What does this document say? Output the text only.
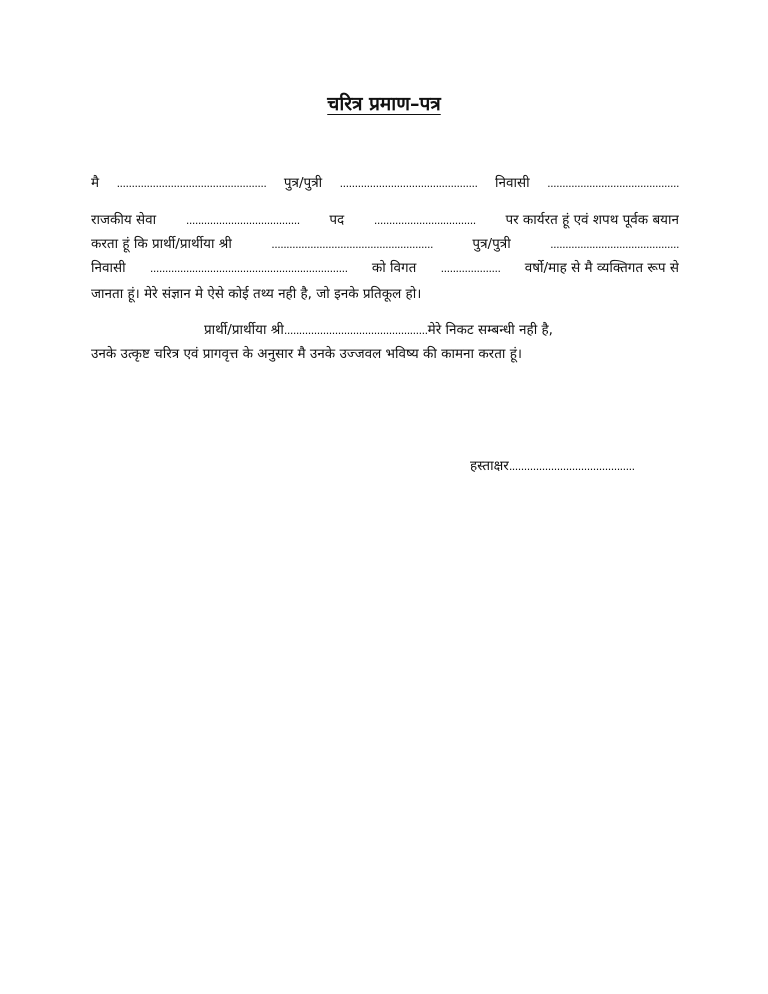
चरित्र प्रमाण–पत्र
मै .................................................. पुत्र/पुत्री .............................................. निवासी ............................................
राजकीय सेवा	...................................... पद	.................................. पर कार्यरत हूं एवं शपथ पूर्वक बयान
करता हूं कि प्रार्थी/प्रार्थीया श्री	......................................................	पुत्र/पुत्री	...........................................
निवासी .................................................................. को विगत .................... वर्षो/माह से मै व्यक्तिगत रूप से
जानता हूं। मेरे संज्ञान मे ऐसे कोई तथ्य नही है, जो इनके प्रतिकूल हो।
प्रार्थी/प्रार्थीया श्री................................................मेरे निकट सम्बन्धी नही है,
उनके उत्कृष्ट चरित्र एवं प्रागवृत्त के अनुसार मै उनके उज्जवल भविष्य की कामना करता हूं।
हस्ताक्षर..........................................
